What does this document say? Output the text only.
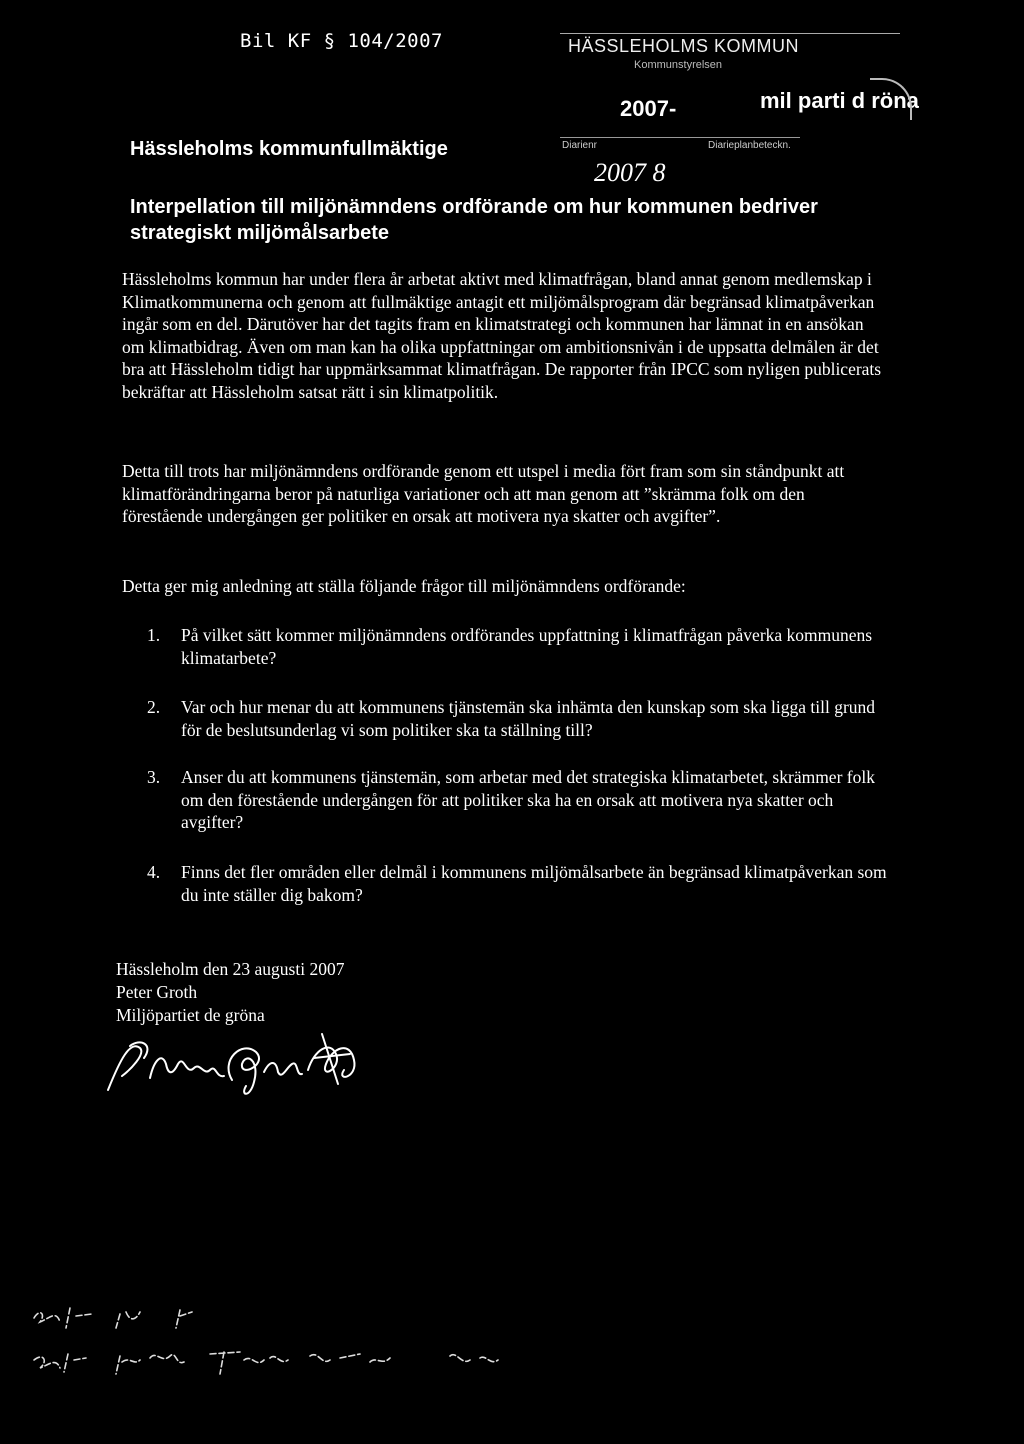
Bil KF § 104/2007	HÄSSLEHOLMS KOMMUN
Kommunstyrelsen
2007-	mil parti d röna
Diarienr	Diarieplanbeteckn.
2007 8
Hässleholms kommunfullmäktige
Interpellation till miljönämndens ordförande om hur kommunen bedriver strategiskt miljömålsarbete
Hässleholms kommun har under flera år arbetat aktivt med klimatfrågan, bland annat genom medlemskap i Klimatkommunerna och genom att fullmäktige antagit ett miljömålsprogram där begränsad klimatpåverkan ingår som en del. Därutöver har det tagits fram en klimatstrategi och kommunen har lämnat in en ansökan om klimatbidrag. Även om man kan ha olika uppfattningar om ambitionsnivån i de uppsatta delmålen är det bra att Hässleholm tidigt har uppmärksammat klimatfrågan. De rapporter från IPCC som nyligen publicerats bekräftar att Hässleholm satsat rätt i sin klimatpolitik.
Detta till trots har miljönämndens ordförande genom ett utspel i media fört fram som sin ståndpunkt att klimatförändringarna beror på naturliga variationer och att man genom att ”skrämma folk om den förestående undergången ger politiker en orsak att motivera nya skatter och avgifter”.
Detta ger mig anledning att ställa följande frågor till miljönämndens ordförande:
1.	På vilket sätt kommer miljönämndens ordförandes uppfattning i klimatfrågan påverka kommunens klimatarbete?
2.	Var och hur menar du att kommunens tjänstemän ska inhämta den kunskap som ska ligga till grund för de beslutsunderlag vi som politiker ska ta ställning till?
3.	Anser du att kommunens tjänstemän, som arbetar med det strategiska klimatarbetet, skrämmer folk om den förestående undergången för att politiker ska ha en orsak att motivera nya skatter och avgifter?
4.	Finns det fler områden eller delmål i kommunens miljömålsarbete än begränsad klimatpåverkan som du inte ställer dig bakom?
Hässleholm den 23 augusti 2007
Peter Groth
Miljöpartiet de gröna
